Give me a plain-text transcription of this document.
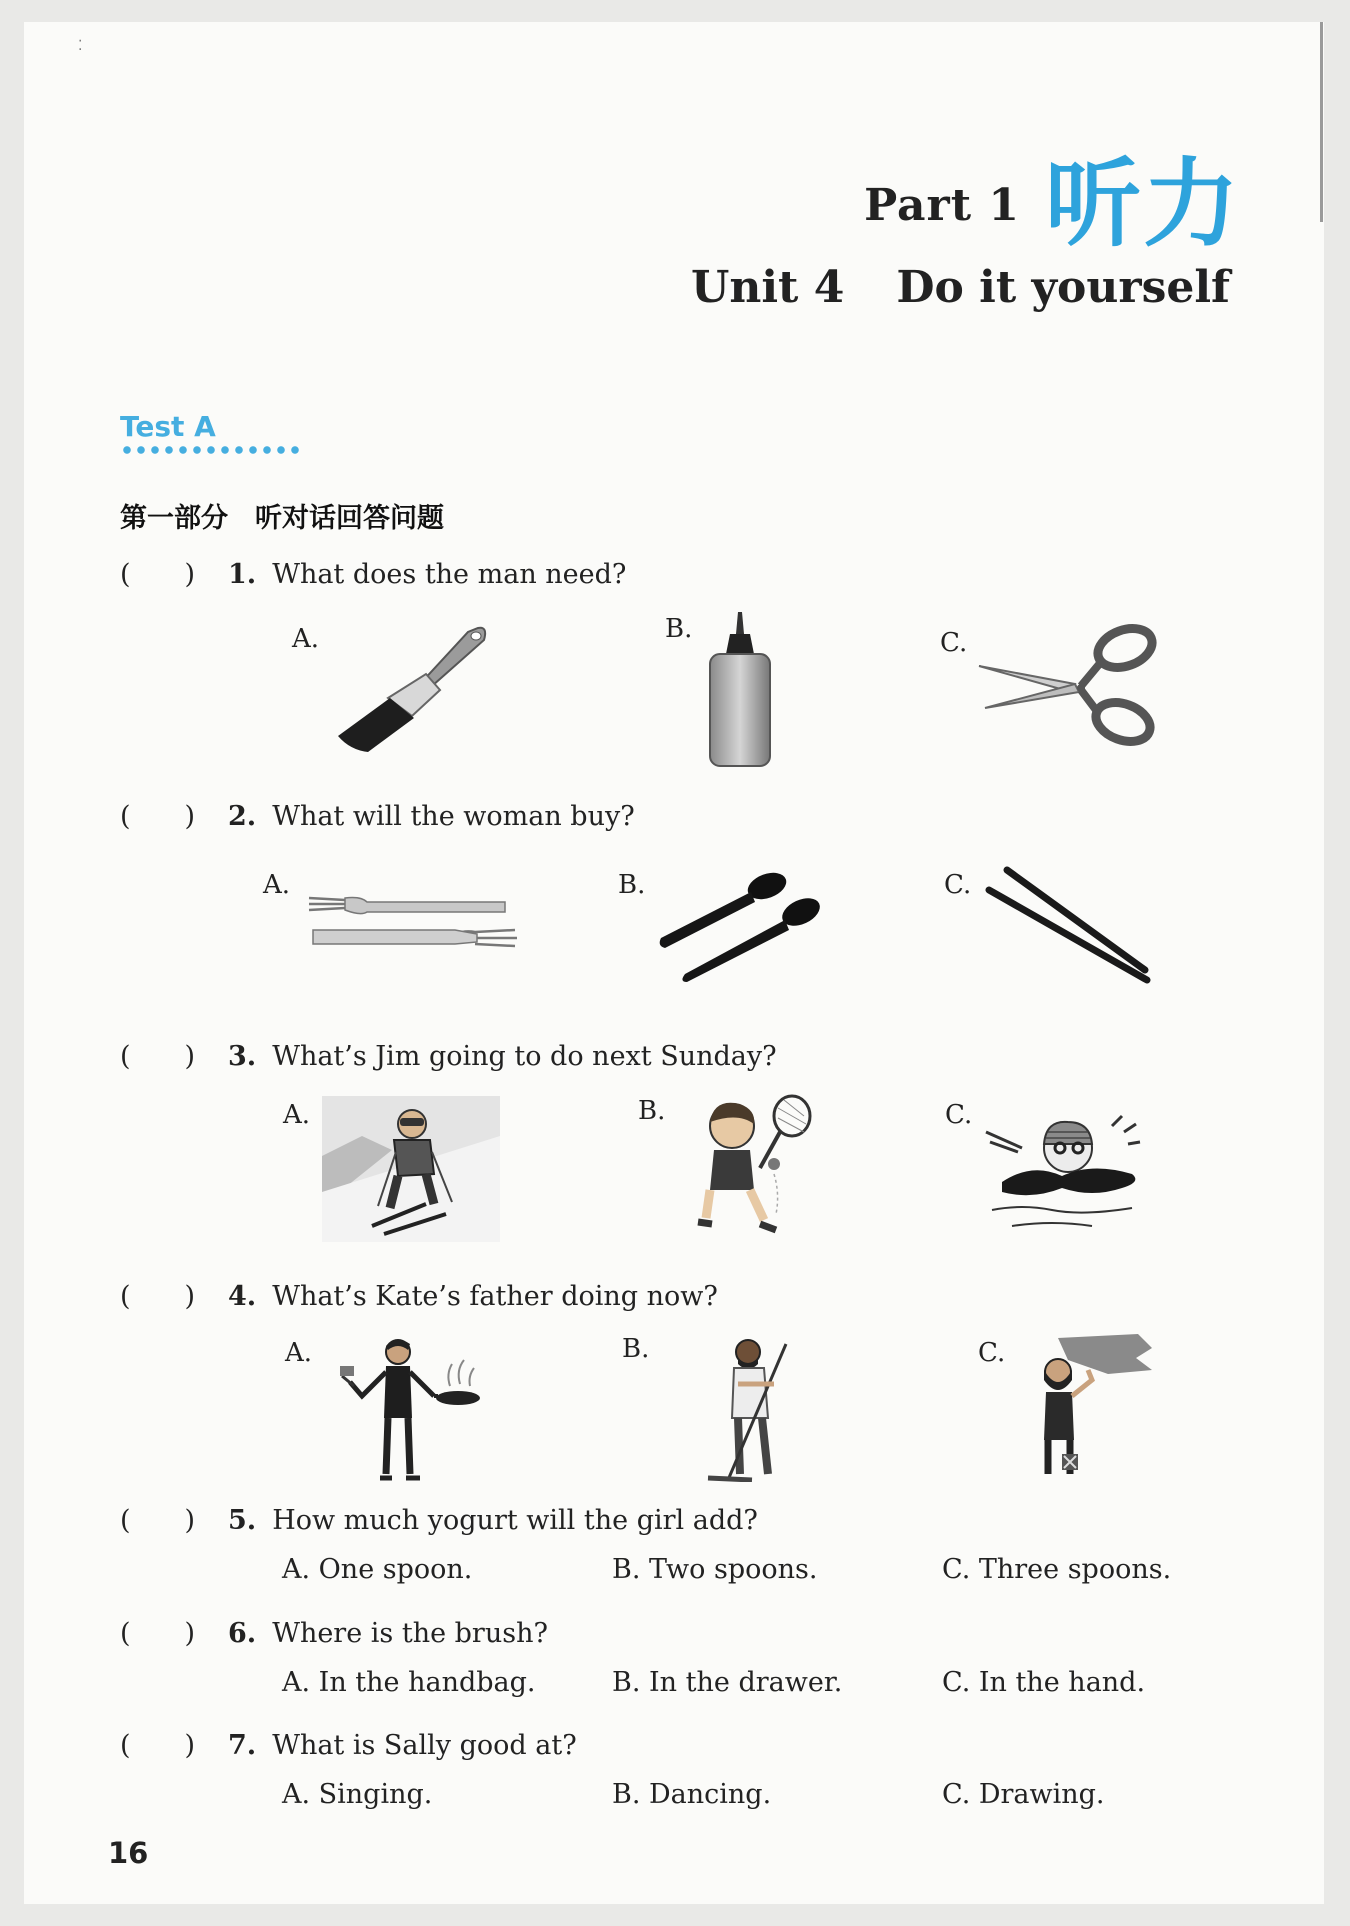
⁚
Part 1 听力
Unit 4 Do it yourself
Test A
第一部分　听对话回答问题
(　　) 1. What does the man need?
A.	B.	C.
(　　) 2. What will the woman buy?
A.	B.	C.
(　　) 3. What’s Jim going to do next Sunday?
A.	B.	C.
(　　) 4. What’s Kate’s father doing now?
A.	B.	C.
(　　) 5. How much yogurt will the girl add?
A. One spoon.	B. Two spoons.	C. Three spoons.
(　　) 6. Where is the brush?
A. In the handbag.	B. In the drawer.	C. In the hand.
(　　) 7. What is Sally good at?
A. Singing.	B. Dancing.	C. Drawing.
16
